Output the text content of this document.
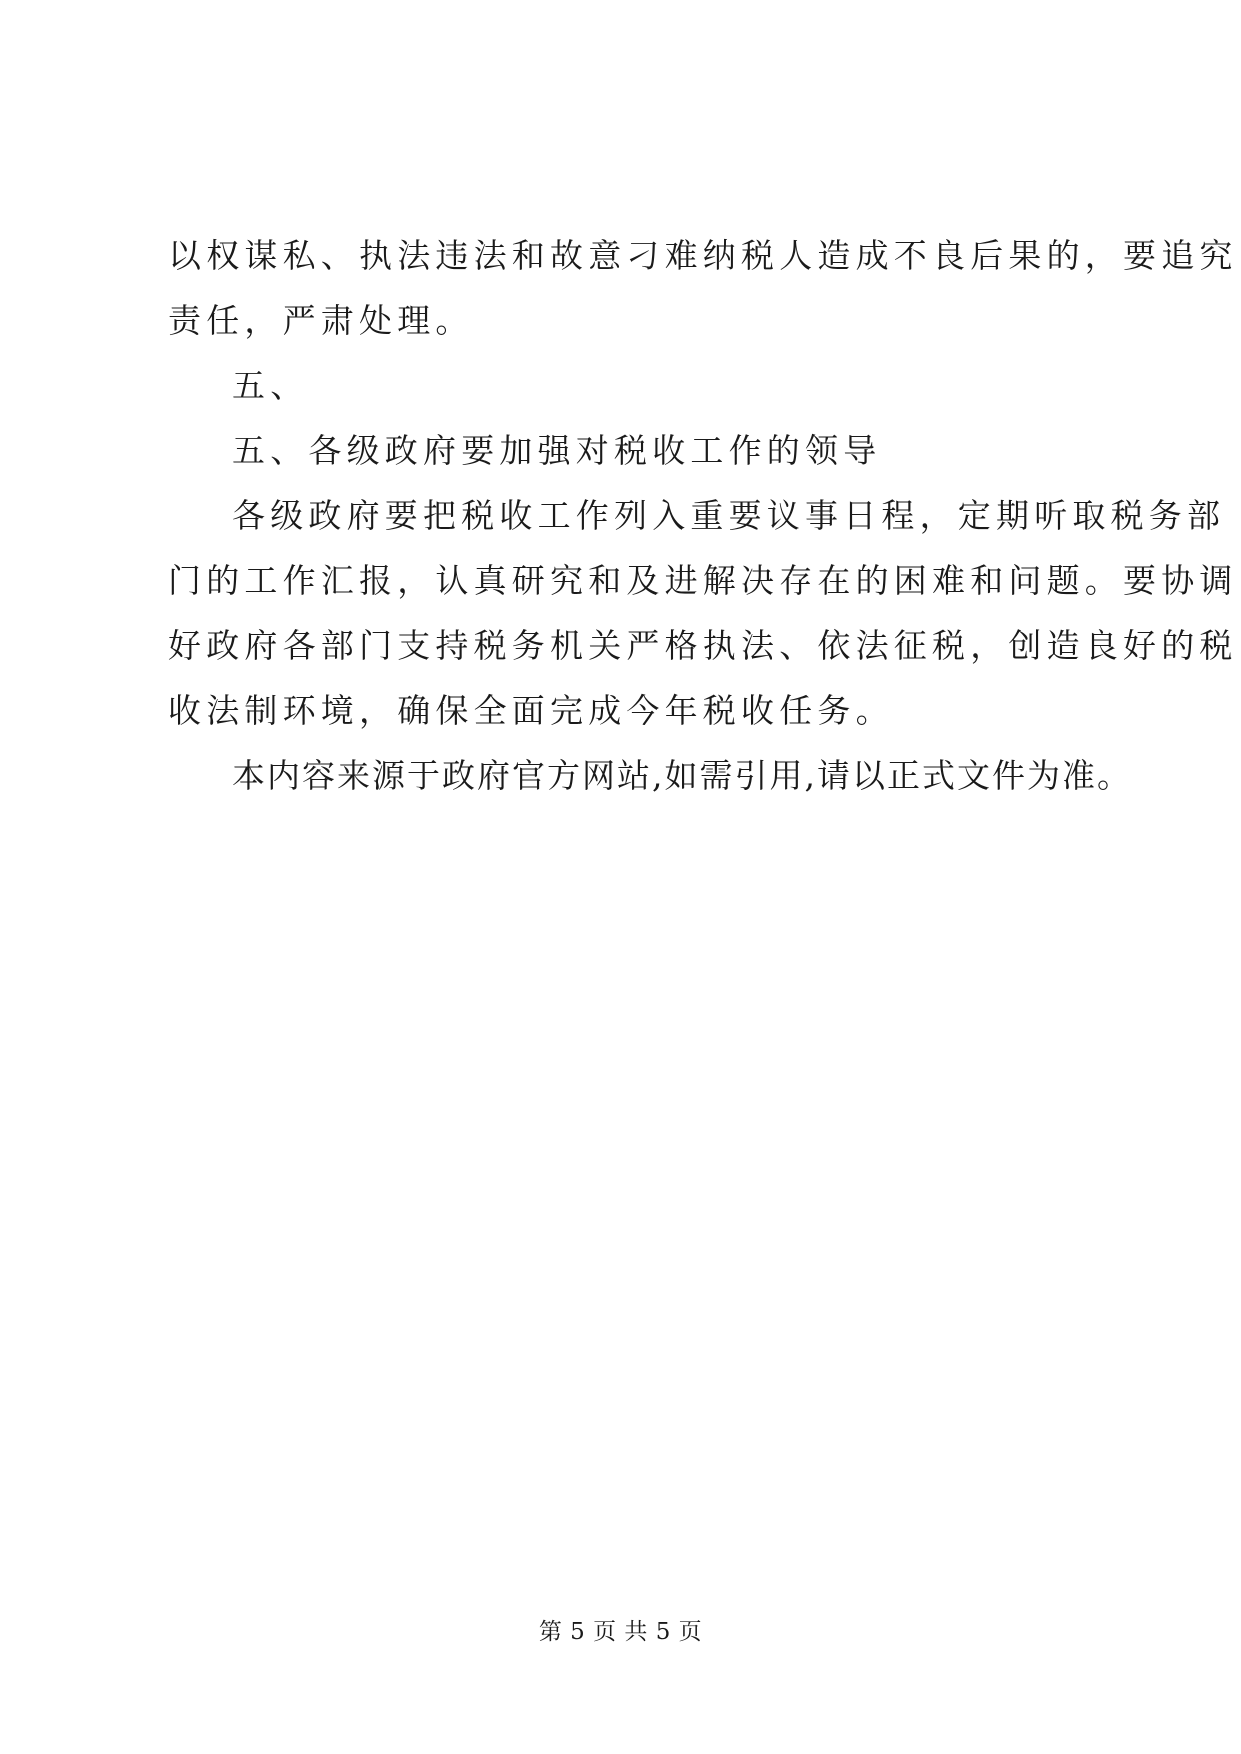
以权谋私、执法违法和故意刁难纳税人造成不良后果的，要追究
责任，严肃处理。
五、
五、各级政府要加强对税收工作的领导
各级政府要把税收工作列入重要议事日程，定期听取税务部
门的工作汇报，认真研究和及进解决存在的困难和问题。要协调
好政府各部门支持税务机关严格执法、依法征税，创造良好的税
收法制环境，确保全面完成今年税收任务。
本内容来源于政府官方网站,如需引用,请以正式文件为准。
第 5 页 共 5 页
